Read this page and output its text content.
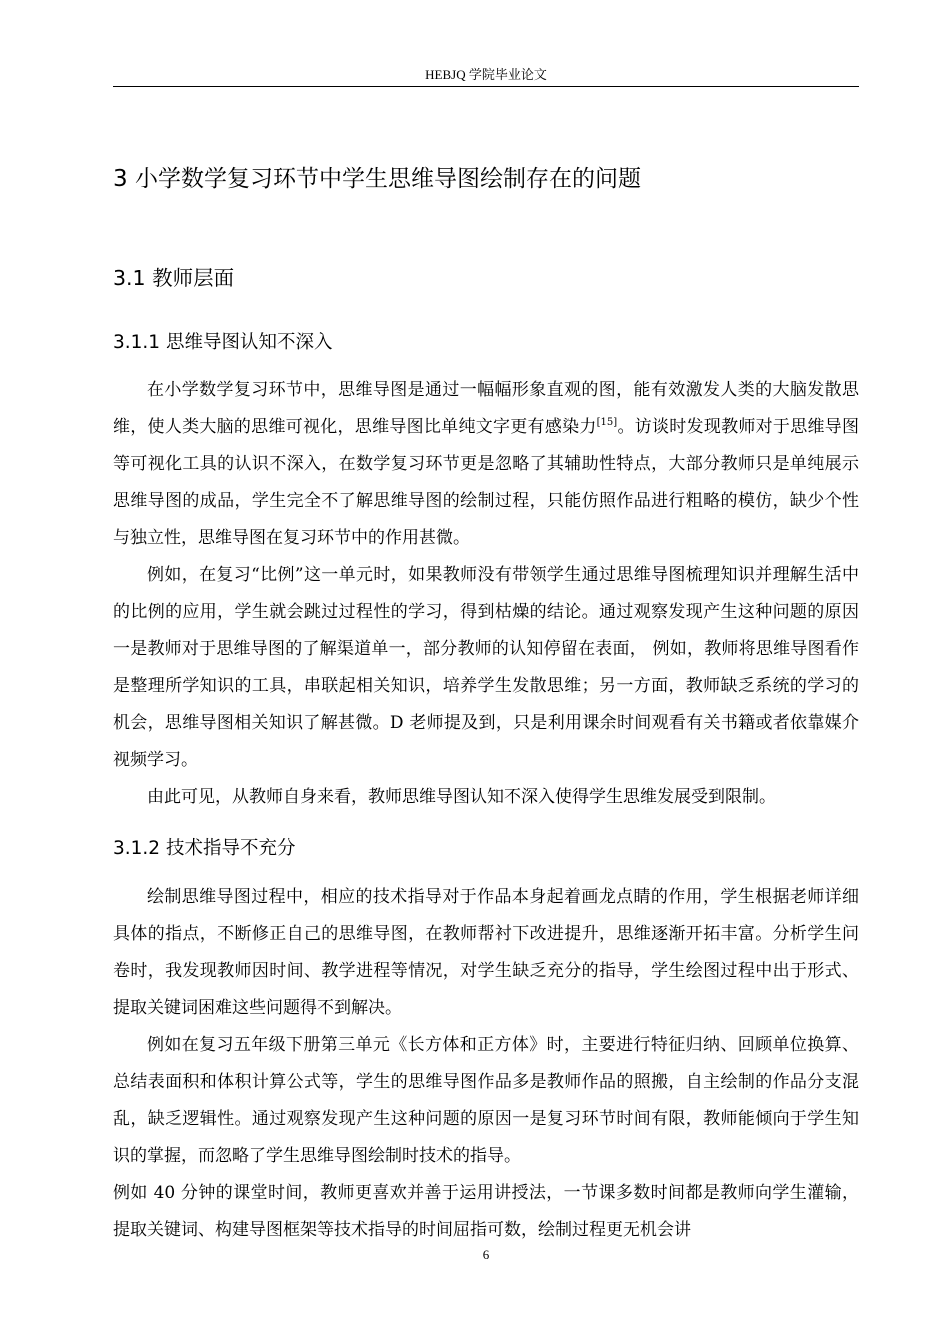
HEBJQ 学院毕业论文
3 小学数学复习环节中学生思维导图绘制存在的问题
3.1 教师层面
3.1.1 思维导图认知不深入

在小学数学复习环节中，思维导图是通过一幅幅形象直观的图，能有效激发人类的大脑发散思维，使人类大脑的思维可视化，思维导图比单纯文字更有感染力[15]。访谈时发现教师对于思维导图等可视化工具的认识不深入，在数学复习环节更是忽略了其辅助性特点，大部分教师只是单纯展示思维导图的成品，学生完全不了解思维导图的绘制过程，只能仿照作品进行粗略的模仿，缺少个性与独立性，思维导图在复习环节中的作用甚微。

例如，在复习“比例”这一单元时，如果教师没有带领学生通过思维导图梳理知识并理解生活中的比例的应用，学生就会跳过过程性的学习，得到枯燥的结论。通过观察发现产生这种问题的原因一是教师对于思维导图的了解渠道单一，部分教师的认知停留在表面， 例如，教师将思维导图看作是整理所学知识的工具，串联起相关知识，培养学生发散思维；另一方面，教师缺乏系统的学习的机会，思维导图相关知识了解甚微。D 老师提及到，只是利用课余时间观看有关书籍或者依靠媒介视频学习。

由此可见，从教师自身来看，教师思维导图认知不深入使得学生思维发展受到限制。

3.1.2 技术指导不充分

绘制思维导图过程中，相应的技术指导对于作品本身起着画龙点睛的作用，学生根据老师详细具体的指点，不断修正自己的思维导图，在教师帮衬下改进提升，思维逐渐开拓丰富。分析学生问卷时，我发现教师因时间、教学进程等情况，对学生缺乏充分的指导，学生绘图过程中出于形式、提取关键词困难这些问题得不到解决。

例如在复习五年级下册第三单元《长方体和正方体》时，主要进行特征归纳、回顾单位换算、总结表面积和体积计算公式等，学生的思维导图作品多是教师作品的照搬，自主绘制的作品分支混乱，缺乏逻辑性。通过观察发现产生这种问题的原因一是复习环节时间有限，教师能倾向于学生知识的掌握，而忽略了学生思维导图绘制时技术的指导。

例如 40 分钟的课堂时间，教师更喜欢并善于运用讲授法，一节课多数时间都是教师向学生灌输，提取关键词、构建导图框架等技术指导的时间屈指可数，绘制过程更无机会讲

6
